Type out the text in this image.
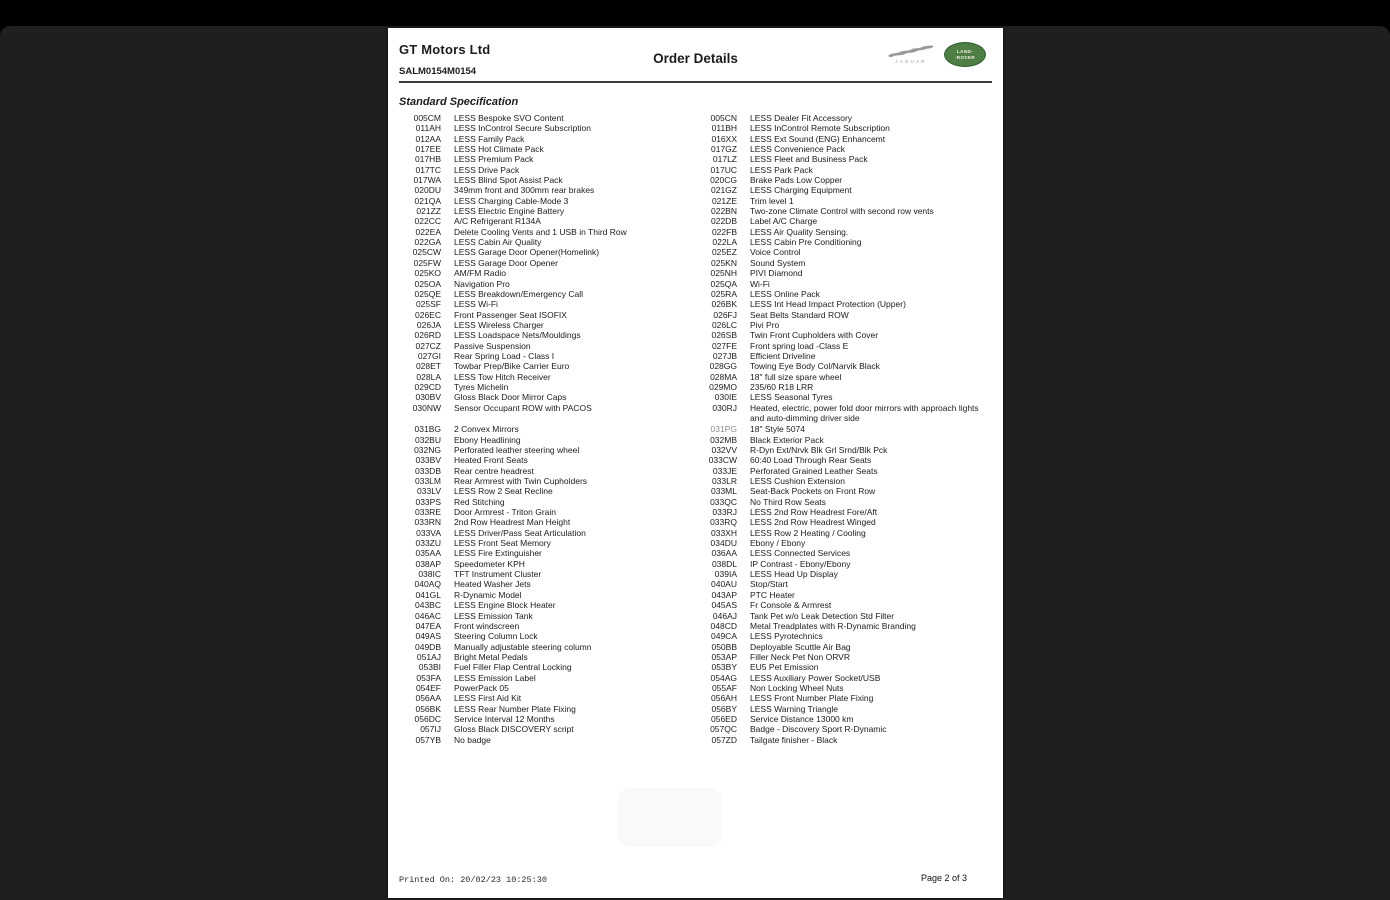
GT Motors Ltd
SALM0154M0154
Order Details	JAGUAR
LAND-
-ROVER
Standard Specification
005CM LESS Bespoke SVO Content
011AH LESS InControl Secure Subscription
012AA LESS Family Pack
017EE LESS Hot Climate Pack
017HB LESS Premium Pack
017TC LESS Drive Pack
017WA LESS Blind Spot Assist Pack
020DU 349mm front and 300mm rear brakes
021QA LESS Charging Cable-Mode 3
021ZZ LESS Electric Engine Battery
022CC A/C Refrigerant R134A
022EA Delete Cooling Vents and 1 USB in Third Row
022GA LESS Cabin Air Quality
025CW LESS Garage Door Opener(Homelink)
025FW LESS Garage Door Opener
025KO AM/FM Radio
025OA Navigation Pro
025QE LESS Breakdown/Emergency Call
025SF LESS Wi-Fi
026EC Front Passenger Seat ISOFIX
026JA LESS Wireless Charger
026RD LESS Loadspace Nets/Mouldings
027CZ Passive Suspension
027GI Rear Spring Load - Class I
028ET Towbar Prep/Bike Carrier Euro
028LA LESS Tow Hitch Receiver
029CD Tyres Michelin
030BV Gloss Black Door Mirror Caps
030NW Sensor Occupant ROW with PACOS
005CN LESS Dealer Fit Accessory
011BH LESS InControl Remote Subscription
016XX LESS Ext Sound (ENG) Enhancemt
017GZ LESS Convenience Pack
017LZ LESS Fleet and Business Pack
017UC LESS Park Pack
020CG Brake Pads Low Copper
021GZ LESS Charging Equipment
021ZE Trim level 1
022BN Two-zone Climate Control with second row vents
022DB Label A/C Charge
022FB LESS Air Quality Sensing.
022LA LESS Cabin Pre Conditioning
025EZ Voice Control
025KN Sound System
025NH PIVI Diamond
025QA Wi-Fi
025RA LESS Online Pack
026BK LESS Int Head Impact Protection (Upper)
026FJ Seat Belts Standard ROW
026LC Pivi Pro
026SB Twin Front Cupholders with Cover
027FE Front spring load -Class E
027JB Efficient Driveline
028GG Towing Eye Body Col/Narvik Black
028MA 18" full size spare wheel
029MO 235/60 R18 LRR
030IE LESS Seasonal Tyres
030RJ Heated, electric, power fold door mirrors with approach lights and auto-dimming driver side
031BG 2 Convex Mirrors
032BU Ebony Headlining
032NG Perforated leather steering wheel
033BV Heated Front Seats
033DB Rear centre headrest
033LM Rear Armrest with Twin Cupholders
033LV LESS Row 2 Seat Recline
033PS Red Stitching
033RE Door Armrest - Triton Grain
033RN 2nd Row Headrest Man Height
033VA LESS Driver/Pass Seat Articulation
033ZU LESS Front Seat Memory
035AA LESS Fire Extinguisher
038AP Speedometer KPH
038IC TFT Instrument Cluster
040AQ Heated Washer Jets
041GL R-Dynamic Model
043BC LESS Engine Block Heater
046AC LESS Emission Tank
047EA Front windscreen
049AS Steering Column Lock
049DB Manually adjustable steering column
051AJ Bright Metal Pedals
053BI Fuel Filler Flap Central Locking
053FA LESS Emission Label
054EF PowerPack 05
056AA LESS First Aid Kit
056BK LESS Rear Number Plate Fixing
056DC Service Interval 12 Months
057IJ Gloss Black DISCOVERY script
057YB No badge
031PG 18" Style 5074
032MB Black Exterior Pack
032VV R-Dyn Ext/Nrvk Blk Grl Srnd/Blk Pck
033CW 60:40 Load Through Rear Seats
033JE Perforated Grained Leather Seats
033LR LESS Cushion Extension
033ML Seat-Back Pockets on Front Row
033QC No Third Row Seats
033RJ LESS 2nd Row Headrest Fore/Aft
033RQ LESS 2nd Row Headrest Winged
033XH LESS Row 2 Heating / Cooling
034DU Ebony / Ebony
036AA LESS Connected Services
038DL IP Contrast - Ebony/Ebony
039IA LESS Head Up Display
040AU Stop/Start
043AP PTC Heater
045AS Fr Console & Armrest
046AJ Tank Pet w/o Leak Detection Std Filter
048CD Metal Treadplates with R-Dynamic Branding
049CA LESS Pyrotechnics
050BB Deployable Scuttle Air Bag
053AP Filler Neck Pet Non ORVR
053BY EU5 Pet Emission
054AG LESS Auxiliary Power Socket/USB
055AF Non Locking Wheel Nuts
056AH LESS Front Number Plate Fixing
056BY LESS Warning Triangle
056ED Service Distance 13000 km
057QC Badge - Discovery Sport R-Dynamic
057ZD Tailgate finisher - Black
Printed On: 20/02/23 10:25:30	Page 2 of 3
